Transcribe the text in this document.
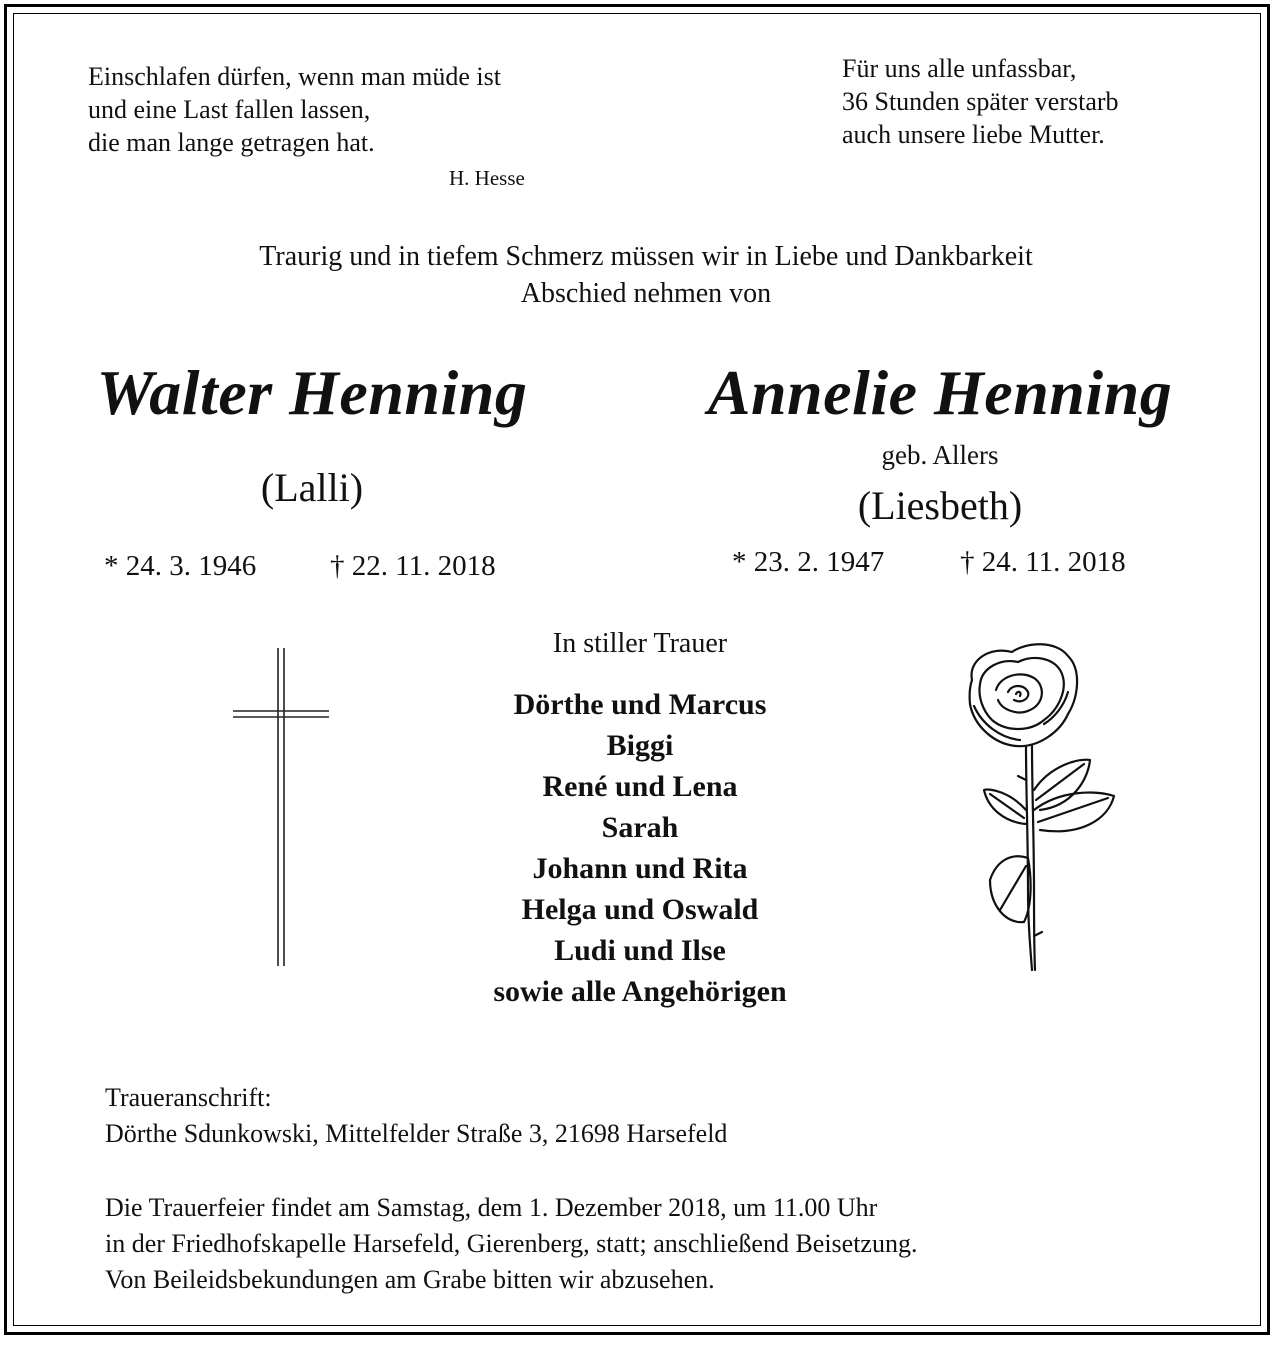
Einschlafen dürfen, wenn man müde ist
und eine Last fallen lassen,
die man lange getragen hat.
H. Hesse
Für uns alle unfassbar,
36 Stunden später verstarb
auch unsere liebe Mutter.
Traurig und in tiefem Schmerz müssen wir in Liebe und Dankbarkeit
Abschied nehmen von
Walter Henning
(Lalli)
* 24. 3. 1946	† 22. 11. 2018
Annelie Henning
geb. Allers
(Liesbeth)
* 23. 2. 1947	† 24. 11. 2018
In stiller Trauer
Dörthe und Marcus
Biggi
René und Lena
Sarah
Johann und Rita
Helga und Oswald
Ludi und Ilse
sowie alle Angehörigen
Traueranschrift:
Dörthe Sdunkowski, Mittelfelder Straße 3, 21698 Harsefeld
Die Trauerfeier findet am Samstag, dem 1. Dezember 2018, um 11.00 Uhr
in der Friedhofskapelle Harsefeld, Gierenberg, statt; anschließend Beisetzung.
Von Beileidsbekundungen am Grabe bitten wir abzusehen.
